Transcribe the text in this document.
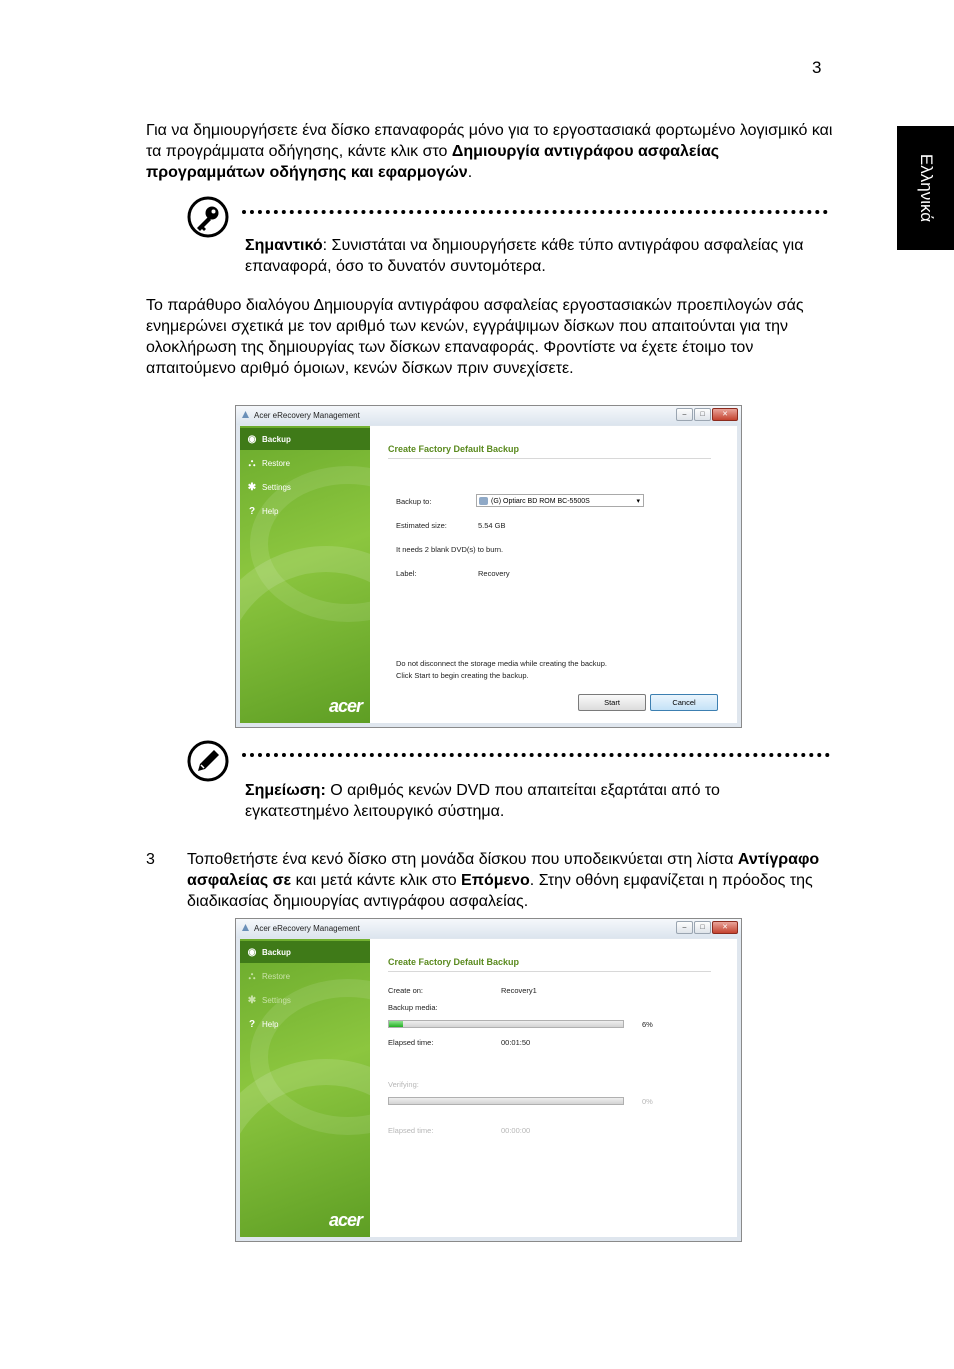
3
Ελληνικά
Για να δημιουργήσετε ένα δίσκο επαναφοράς μόνο για το εργοστασιακά φορτωμένο λογισμικό και τα προγράμματα οδήγησης, κάντε κλικ στο Δημιουργία αντιγράφου ασφαλείας προγραμμάτων οδήγησης και εφαρμογών.
Σημαντικό: Συνιστάται να δημιουργήσετε κάθε τύπο αντιγράφου ασφαλείας για επαναφορά, όσο το δυνατόν συντομότερα.
Το παράθυρο διαλόγου Δημιουργία αντιγράφου ασφαλείας εργοστασιακών προεπιλογών σάς ενημερώνει σχετικά με τον αριθμό των κενών, εγγράψιμων δίσκων που απαιτούνται για την ολοκλήρωση της δημιουργίας των δίσκων επαναφοράς. Φροντίστε να έχετε έτοιμο τον απαιτούμενο αριθμό όμοιων, κενών δίσκων πριν συνεχίσετε.
Acer eRecovery Management	–	□	✕
◉ Backup
⛬ Restore
✱ Settings
? Help
acer
Create Factory Default Backup
Backup to:	(G) Optiarc BD ROM BC-5500S	▾
Estimated size:	5.54 GB
It needs 2 blank DVD(s) to burn.
Label:	Recovery
Do not disconnect the storage media while creating the backup.
Click Start to begin creating the backup.
Start	Cancel
Σημείωση: Ο αριθμός κενών DVD που απαιτείται εξαρτάται από το εγκατεστημένο λειτουργικό σύστημα.
3 Τοποθετήστε ένα κενό δίσκο στη μονάδα δίσκου που υποδεικνύεται στη λίστα Αντίγραφο ασφαλείας σε και μετά κάντε κλικ στο Επόμενο. Στην οθόνη εμφανίζεται η πρόοδος της διαδικασίας δημιουργίας αντιγράφου ασφαλείας.
Acer eRecovery Management	–	□	✕
◉ Backup
⛬ Restore
✱ Settings
? Help
acer
Create Factory Default Backup
Create on:	Recovery1
Backup media:
6%
Elapsed time:	00:01:50
Verifying:
0%
Elapsed time:	00:00:00
